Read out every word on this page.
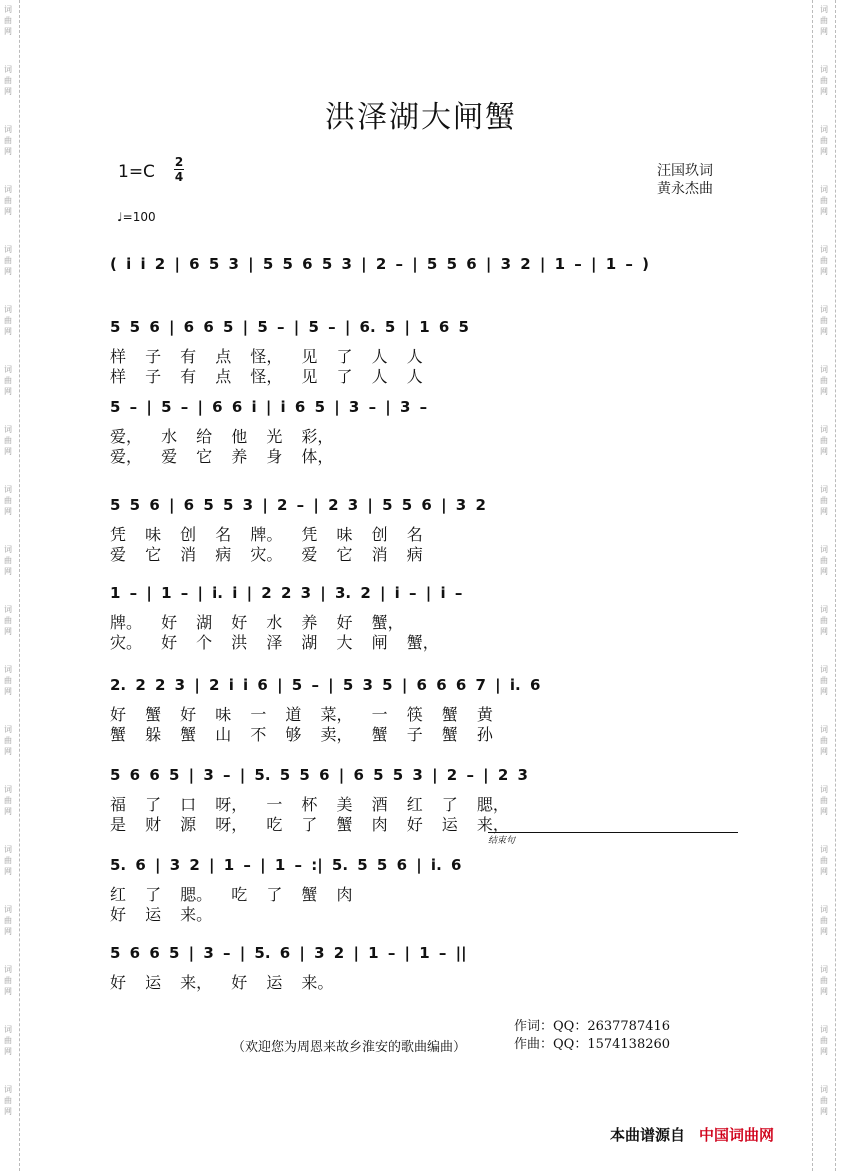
词
曲
网
词
曲
网
词
曲
网
词
曲
网
词
曲
网
词
曲
网
词
曲
网
词
曲
网
词
曲
网
词
曲
网
词
曲
网
词
曲
网
词
曲
网
词
曲
网
词
曲
网
词
曲
网
词
曲
网
词
曲
网
词
曲
网
词
曲
网
词
曲
网
词
曲
网
词
曲
网
词
曲
网
词
曲
网
词
曲
网
词
曲
网
词
曲
网
词
曲
网
词
曲
网
词
曲
网
词
曲
网
词
曲
网
词
曲
网
词
曲
网
词
曲
网
词
曲
网
词
曲
网
洪泽湖大闸蟹
1=C 2
4	汪国玖词
黄永杰曲
♩=100
( i i 2 | 6 5 3 | 5 5 6 5 3 | 2 – | 5 5 6 | 3 2 | 1 – | 1 – )
5 5 6 | 6 6 5 | 5 – | 5 – | 6. 5 | 1 6 5
样 子 有 点 怪， 见 了 人 人
样 子 有 点 怪， 见 了 人 人
5 – | 5 – | 6 6 i | i 6 5 | 3 – | 3 –
爱， 水 给 他 光 彩，
爱， 爱 它 养 身 体，
5 5 6 | 6 5 5 3 | 2 – | 2 3 | 5 5 6 | 3 2
凭 味 创 名 牌。 凭 味 创 名
爱 它 消 病 灾。 爱 它 消 病
1 – | 1 – | i. i | 2 2 3 | 3. 2 | i – | i –
牌。 好 湖 好 水 养 好 蟹，
灾。 好 个 洪 泽 湖 大 闸 蟹，
2. 2 2 3 | 2 i i 6 | 5 – | 5 3 5 | 6 6 6 7 | i. 6
好 蟹 好 味 一 道 菜， 一 筷 蟹 黄
蟹 躲 蟹 山 不 够 卖， 蟹 子 蟹 孙
5 6 6 5 | 3 – | 5. 5 5 6 | 6 5 5 3 | 2 – | 2 3
福 了 口 呀， 一 杯 美 酒 红 了 腮，
是 财 源 呀， 吃 了 蟹 肉 好 运 来，
5. 6 | 3 2 | 1 – | 1 – :| 5. 5 5 6 | i. 6
红 了 腮。 吃 了 蟹 肉
好 运 来。
5 6 6 5 | 3 – | 5. 6 | 3 2 | 1 – | 1 – ||
好 运 来， 好 运 来。
结束句
作词：QQ：2637787416
作曲：QQ：1574138260
（欢迎您为周恩来故乡淮安的歌曲编曲）
本曲谱源自 中国词曲网
